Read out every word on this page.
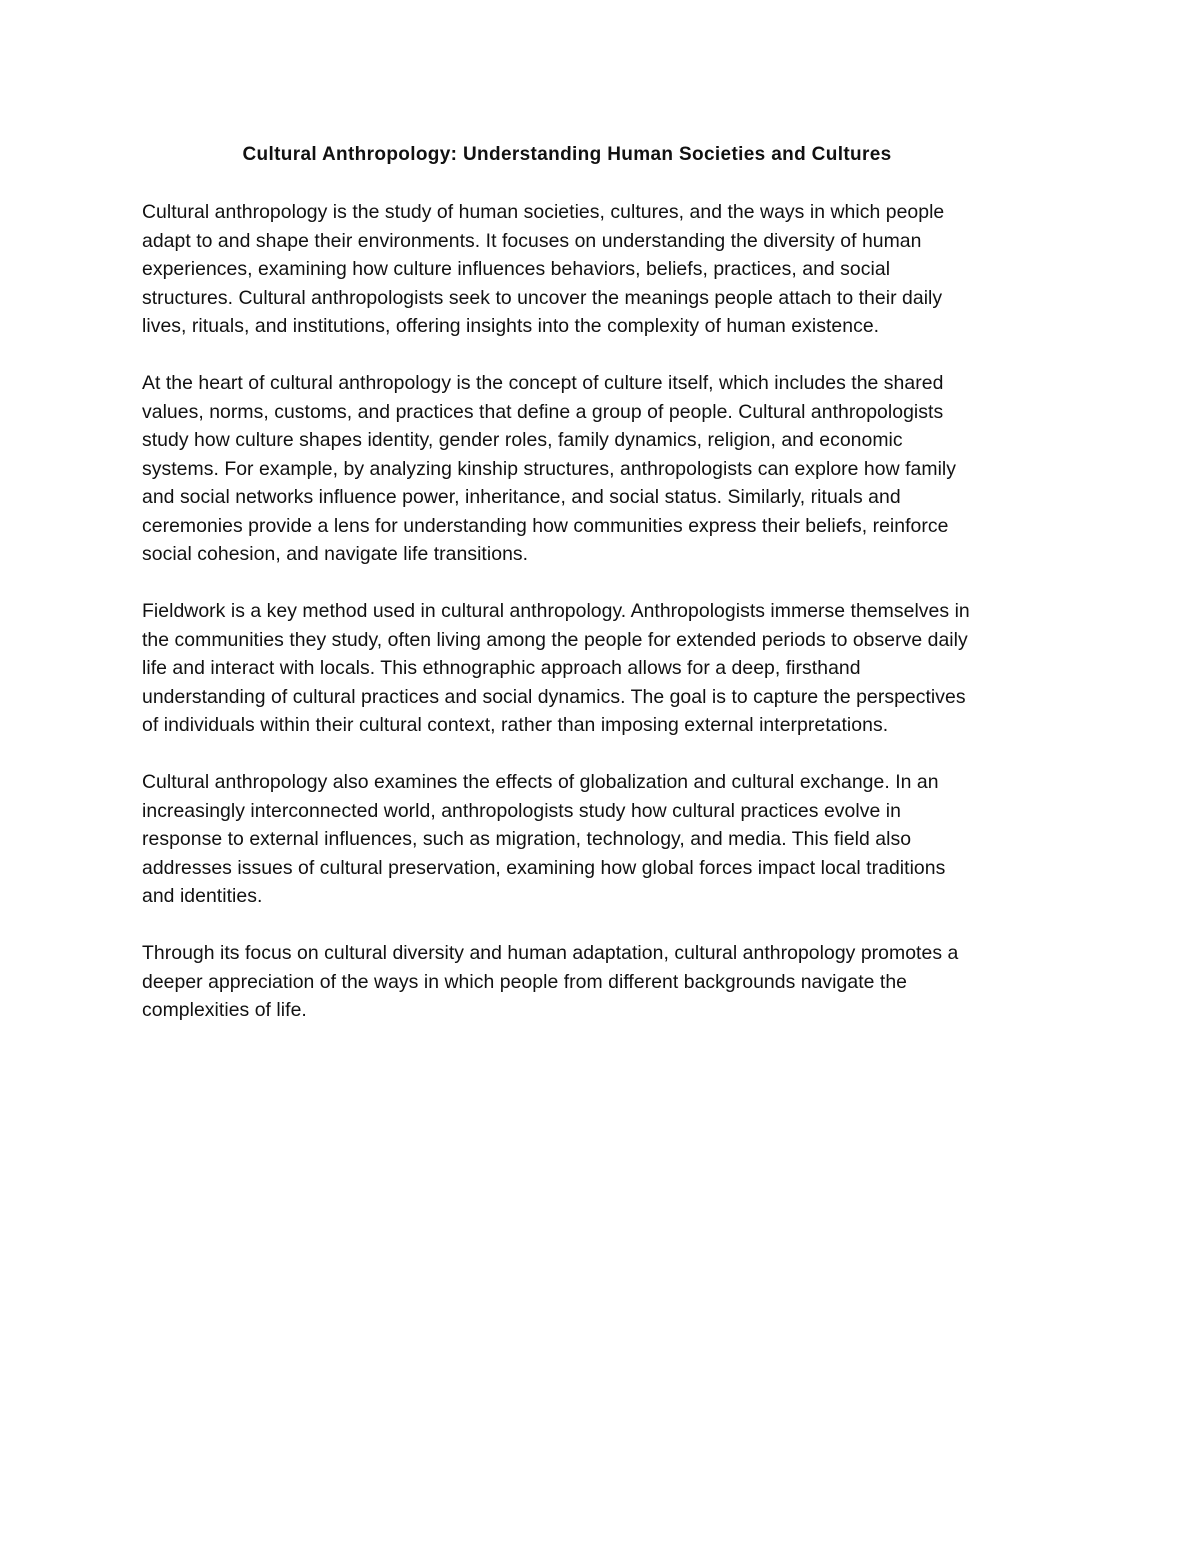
Cultural Anthropology: Understanding Human Societies and Cultures

Cultural anthropology is the study of human societies, cultures, and the ways in which people
adapt to and shape their environments. It focuses on understanding the diversity of human
experiences, examining how culture influences behaviors, beliefs, practices, and social
structures. Cultural anthropologists seek to uncover the meanings people attach to their daily
lives, rituals, and institutions, offering insights into the complexity of human existence.

At the heart of cultural anthropology is the concept of culture itself, which includes the shared
values, norms, customs, and practices that define a group of people. Cultural anthropologists
study how culture shapes identity, gender roles, family dynamics, religion, and economic
systems. For example, by analyzing kinship structures, anthropologists can explore how family
and social networks influence power, inheritance, and social status. Similarly, rituals and
ceremonies provide a lens for understanding how communities express their beliefs, reinforce
social cohesion, and navigate life transitions.

Fieldwork is a key method used in cultural anthropology. Anthropologists immerse themselves in
the communities they study, often living among the people for extended periods to observe daily
life and interact with locals. This ethnographic approach allows for a deep, firsthand
understanding of cultural practices and social dynamics. The goal is to capture the perspectives
of individuals within their cultural context, rather than imposing external interpretations.

Cultural anthropology also examines the effects of globalization and cultural exchange. In an
increasingly interconnected world, anthropologists study how cultural practices evolve in
response to external influences, such as migration, technology, and media. This field also
addresses issues of cultural preservation, examining how global forces impact local traditions
and identities.

Through its focus on cultural diversity and human adaptation, cultural anthropology promotes a
deeper appreciation of the ways in which people from different backgrounds navigate the
complexities of life.
